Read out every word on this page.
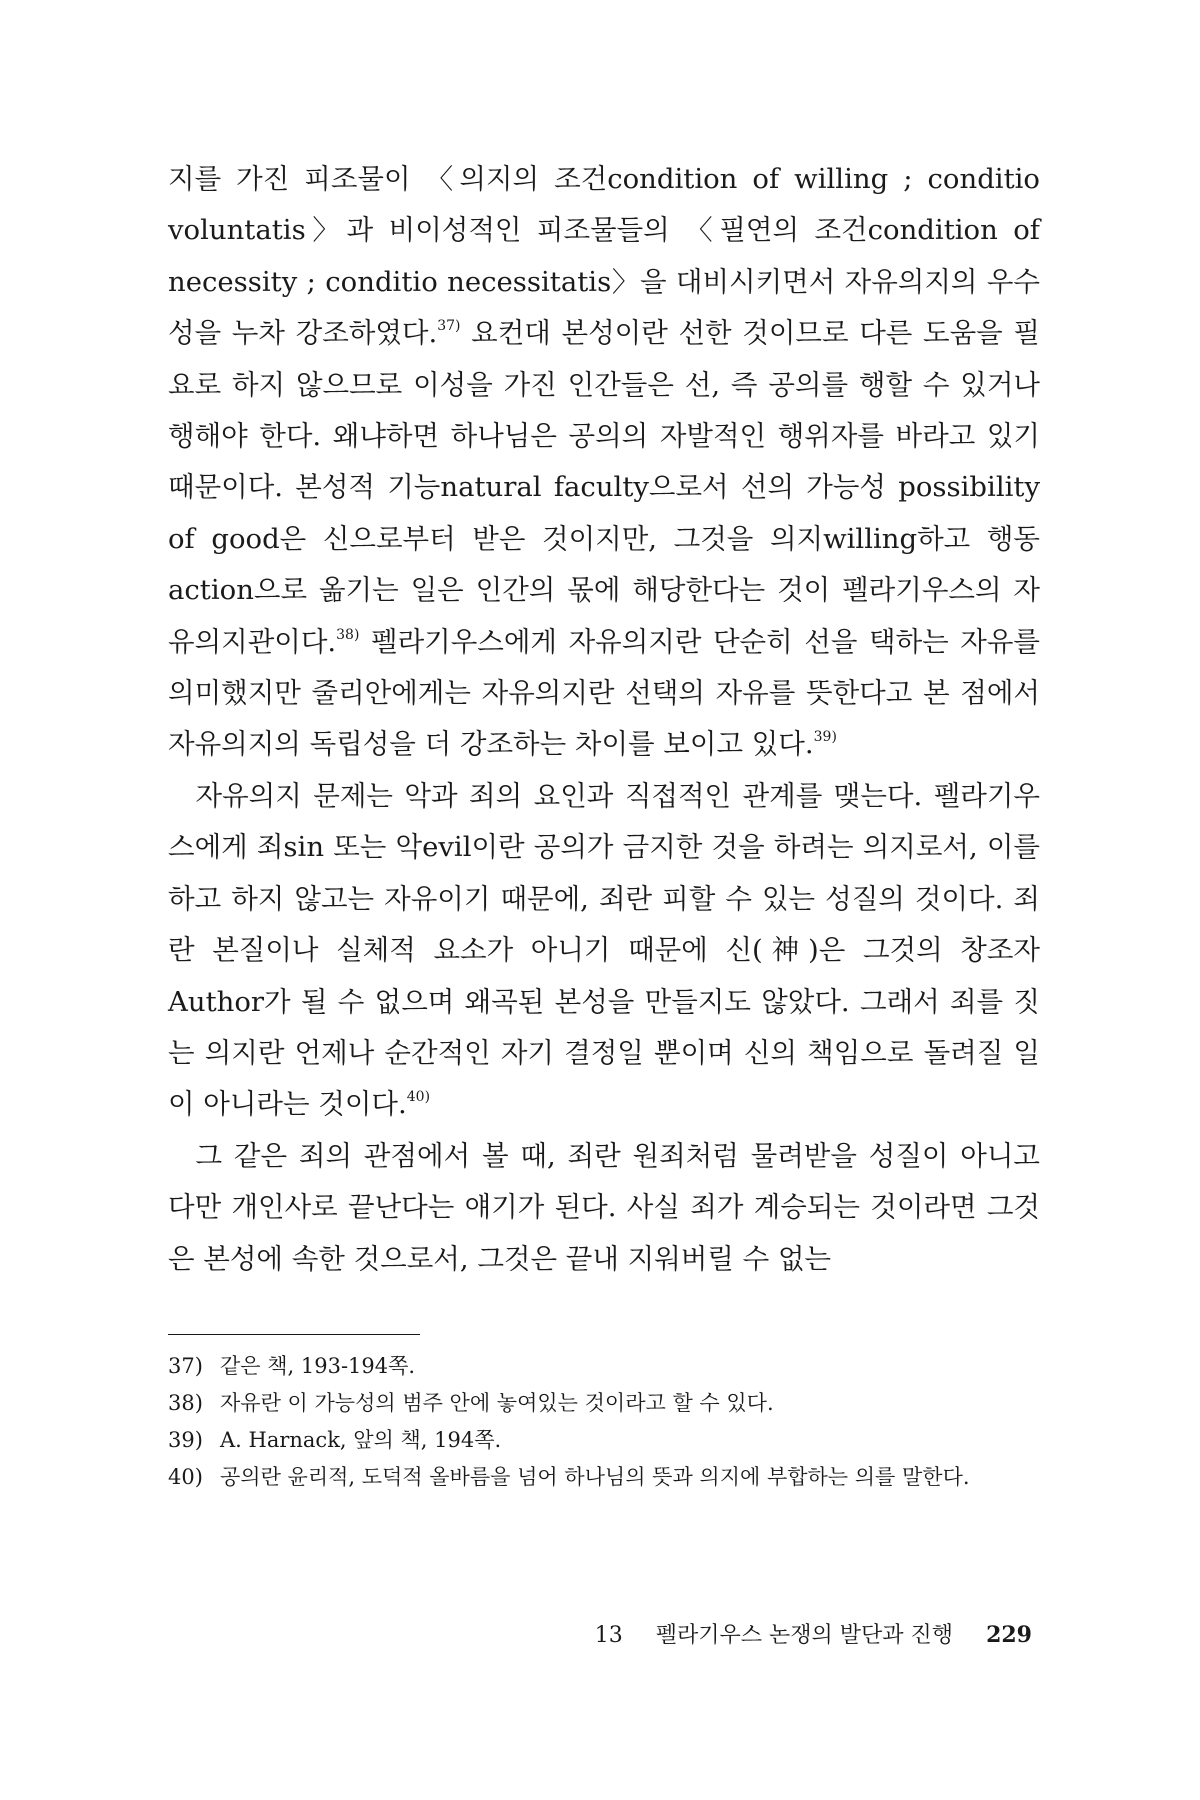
지를 가진 피조물이 〈의지의 조건condition of willing ; conditio voluntatis〉과 비이성적인 피조물들의 〈필연의 조건condition of necessity ; conditio necessitatis〉을 대비시키면서 자유의지의 우수성을 누차 강조하였다.$^{37)}$ 요컨대 본성이란 선한 것이므로 다른 도움을 필요로 하지 않으므로 이성을 가진 인간들은 선, 즉 공의를 행할 수 있거나 행해야 한다. 왜냐하면 하나님은 공의의 자발적인 행위자를 바라고 있기 때문이다. 본성적 기능natural faculty으로서 선의 가능성 possibility of good은 신으로부터 받은 것이지만, 그것을 의지willing하고 행동action으로 옮기는 일은 인간의 몫에 해당한다는 것이 펠라기우스의 자유의지관이다.$^{38)}$ 펠라기우스에게 자유의지란 단순히 선을 택하는 자유를 의미했지만 줄리안에게는 자유의지란 선택의 자유를 뜻한다고 본 점에서 자유의지의 독립성을 더 강조하는 차이를 보이고 있다.$^{39)}$

자유의지 문제는 악과 죄의 요인과 직접적인 관계를 맺는다. 펠라기우스에게 죄sin 또는 악evil이란 공의가 금지한 것을 하려는 의지로서, 이를 하고 하지 않고는 자유이기 때문에, 죄란 피할 수 있는 성질의 것이다. 죄란 본질이나 실체적 요소가 아니기 때문에 신(神)은 그것의 창조자Author가 될 수 없으며 왜곡된 본성을 만들지도 않았다. 그래서 죄를 짓는 의지란 언제나 순간적인 자기 결정일 뿐이며 신의 책임으로 돌려질 일이 아니라는 것이다.$^{40)}$

그 같은 죄의 관점에서 볼 때, 죄란 원죄처럼 물려받을 성질이 아니고 다만 개인사로 끝난다는 얘기가 된다. 사실 죄가 계승되는 것이라면 그것은 본성에 속한 것으로서, 그것은 끝내 지워버릴 수 없는

37) 같은 책, 193-194쪽.
38) 자유란 이 가능성의 범주 안에 놓여있는 것이라고 할 수 있다.
39) A. Harnack, 앞의 책, 194쪽.
40) 공의란 윤리적, 도덕적 올바름을 넘어 하나님의 뜻과 의지에 부합하는 의를 말한다.
13 펠라기우스 논쟁의 발단과 진행 229
